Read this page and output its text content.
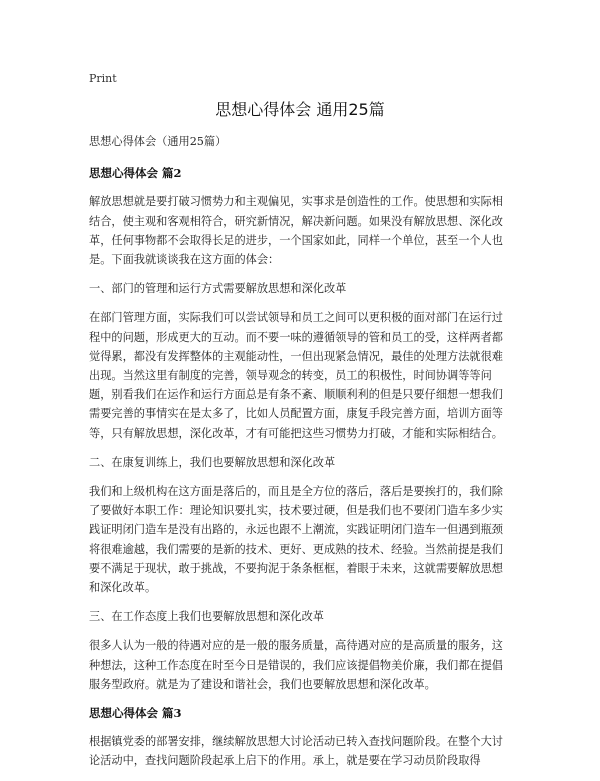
Print
思想心得体会 通用25篇

思想心得体会（通用25篇）

思想心得体会 篇2

解放思想就是要打破习惯势力和主观偏见，实事求是创造性的工作。使思想和实际相结合，使主观和客观相符合，研究新情况，解决新问题。如果没有解放思想、深化改革，任何事物都不会取得长足的进步，一个国家如此，同样一个单位，甚至一个人也是。下面我就谈谈我在这方面的体会：

一、部门的管理和运行方式需要解放思想和深化改革

在部门管理方面，实际我们可以尝试领导和员工之间可以更积极的面对部门在运行过程中的问题，形成更大的互动。而不要一味的遵循领导的管和员工的受，这样两者都觉得累，都没有发挥整体的主观能动性，一但出现紧急情况，最佳的处理方法就很难出现。当然这里有制度的完善，领导观念的转变，员工的积极性，时间协调等等问题，别看我们在运作和运行方面总是有条不紊、顺顺利利的但是只要仔细想一想我们需要完善的事情实在是太多了，比如人员配置方面，康复手段完善方面，培训方面等等，只有解放思想，深化改革，才有可能把这些习惯势力打破，才能和实际相结合。

二、在康复训练上，我们也要解放思想和深化改革

我们和上级机构在这方面是落后的，而且是全方位的落后，落后是要挨打的，我们除了要做好本职工作：理论知识要扎实，技术要过硬，但是我们也不要闭门造车多少实践证明闭门造车是没有出路的，永远也跟不上潮流，实践证明闭门造车一但遇到瓶颈将很难逾越，我们需要的是新的技术、更好、更成熟的技术、经验。当然前提是我们要不满足于现状，敢于挑战，不要拘泥于条条框框，着眼于未来，这就需要解放思想和深化改革。

三、在工作态度上我们也要解放思想和深化改革

很多人认为一般的待遇对应的是一般的服务质量，高待遇对应的是高质量的服务，这种想法，这种工作态度在时至今日是错误的，我们应该提倡物美价廉，我们都在提倡服务型政府。就是为了建设和谐社会，我们也要解放思想和深化改革。

思想心得体会 篇3

根据镇党委的部署安排，继续解放思想大讨论活动已转入查找问题阶段。在整个大讨论活动中，查找问题阶段起承上启下的作用。承上，就是要在学习动员阶段取得
